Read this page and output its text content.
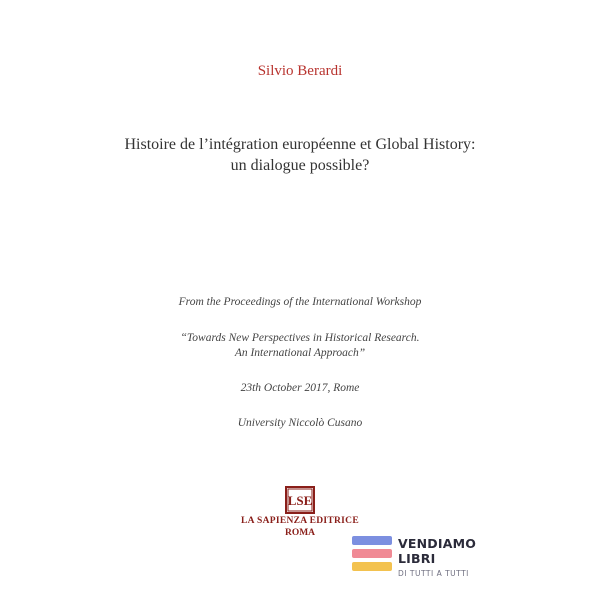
Silvio Berardi
Histoire de l’intégration européenne et Global History:
un dialogue possible?
From the Proceedings of the International Workshop
“Towards New Perspectives in Historical Research.
An International Approach”
23th October 2017, Rome
University Niccolò Cusano
LSE
LA SAPIENZA EDITRICE
ROMA
VENDIAMO
LIBRI
DI TUTTI A TUTTI
